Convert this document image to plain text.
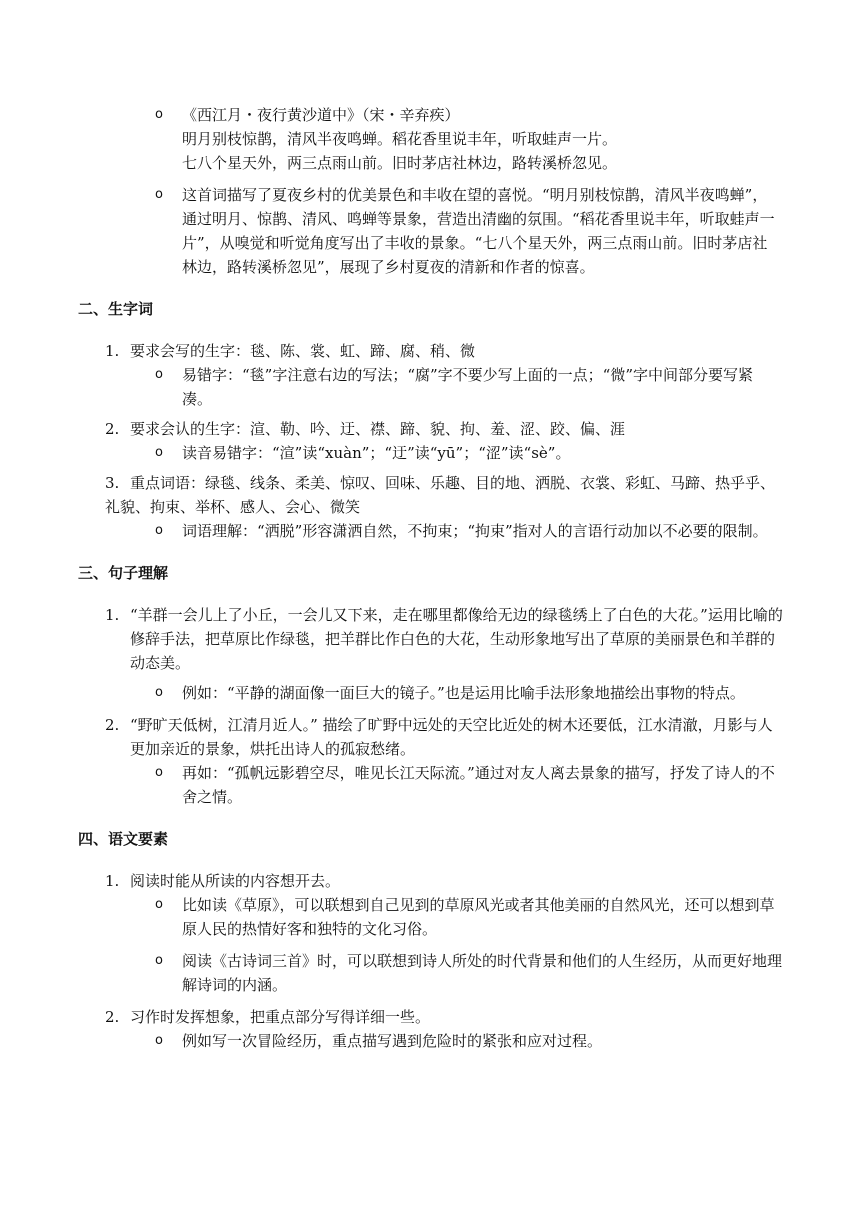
o 《西江月・夜行黄沙道中》（宋・辛弃疾）
明月别枝惊鹊，清风半夜鸣蝉。稻花香里说丰年，听取蛙声一片。
七八个星天外，两三点雨山前。旧时茅店社林边，路转溪桥忽见。
o 这首词描写了夏夜乡村的优美景色和丰收在望的喜悦。“明月别枝惊鹊，清风半夜鸣蝉”，通过明月、惊鹊、清风、鸣蝉等景象，营造出清幽的氛围。“稻花香里说丰年，听取蛙声一片”，从嗅觉和听觉角度写出了丰收的景象。“七八个星天外，两三点雨山前。旧时茅店社林边，路转溪桥忽见”，展现了乡村夏夜的清新和作者的惊喜。
二、生字词
1. 要求会写的生字：毯、陈、裳、虹、蹄、腐、稍、微
o 易错字：“毯”字注意右边的写法；“腐”字不要少写上面的一点；“微”字中间部分要写紧凑。
2. 要求会认的生字：渲、勒、吟、迂、襟、蹄、貌、拘、羞、涩、跤、偏、涯
o 读音易错字：“渲”读“xuàn”；“迂”读“yū”；“涩”读“sè”。
3. 重点词语：绿毯、线条、柔美、惊叹、回味、乐趣、目的地、洒脱、衣裳、彩虹、马蹄、热乎乎、礼貌、拘束、举杯、感人、会心、微笑
o 词语理解：“洒脱”形容潇洒自然，不拘束；“拘束”指对人的言语行动加以不必要的限制。
三、句子理解
1. “羊群一会儿上了小丘，一会儿又下来，走在哪里都像给无边的绿毯绣上了白色的大花。”运用比喻的修辞手法，把草原比作绿毯，把羊群比作白色的大花，生动形象地写出了草原的美丽景色和羊群的动态美。
o 例如：“平静的湖面像一面巨大的镜子。”也是运用比喻手法形象地描绘出事物的特点。
2. “野旷天低树，江清月近人。” 描绘了旷野中远处的天空比近处的树木还要低，江水清澈，月影与人更加亲近的景象，烘托出诗人的孤寂愁绪。
o 再如：“孤帆远影碧空尽，唯见长江天际流。”通过对友人离去景象的描写，抒发了诗人的不舍之情。
四、语文要素
1. 阅读时能从所读的内容想开去。
o 比如读《草原》，可以联想到自己见到的草原风光或者其他美丽的自然风光，还可以想到草原人民的热情好客和独特的文化习俗。
o 阅读《古诗词三首》时，可以联想到诗人所处的时代背景和他们的人生经历，从而更好地理解诗词的内涵。
2. 习作时发挥想象，把重点部分写得详细一些。
o 例如写一次冒险经历，重点描写遇到危险时的紧张和应对过程。
